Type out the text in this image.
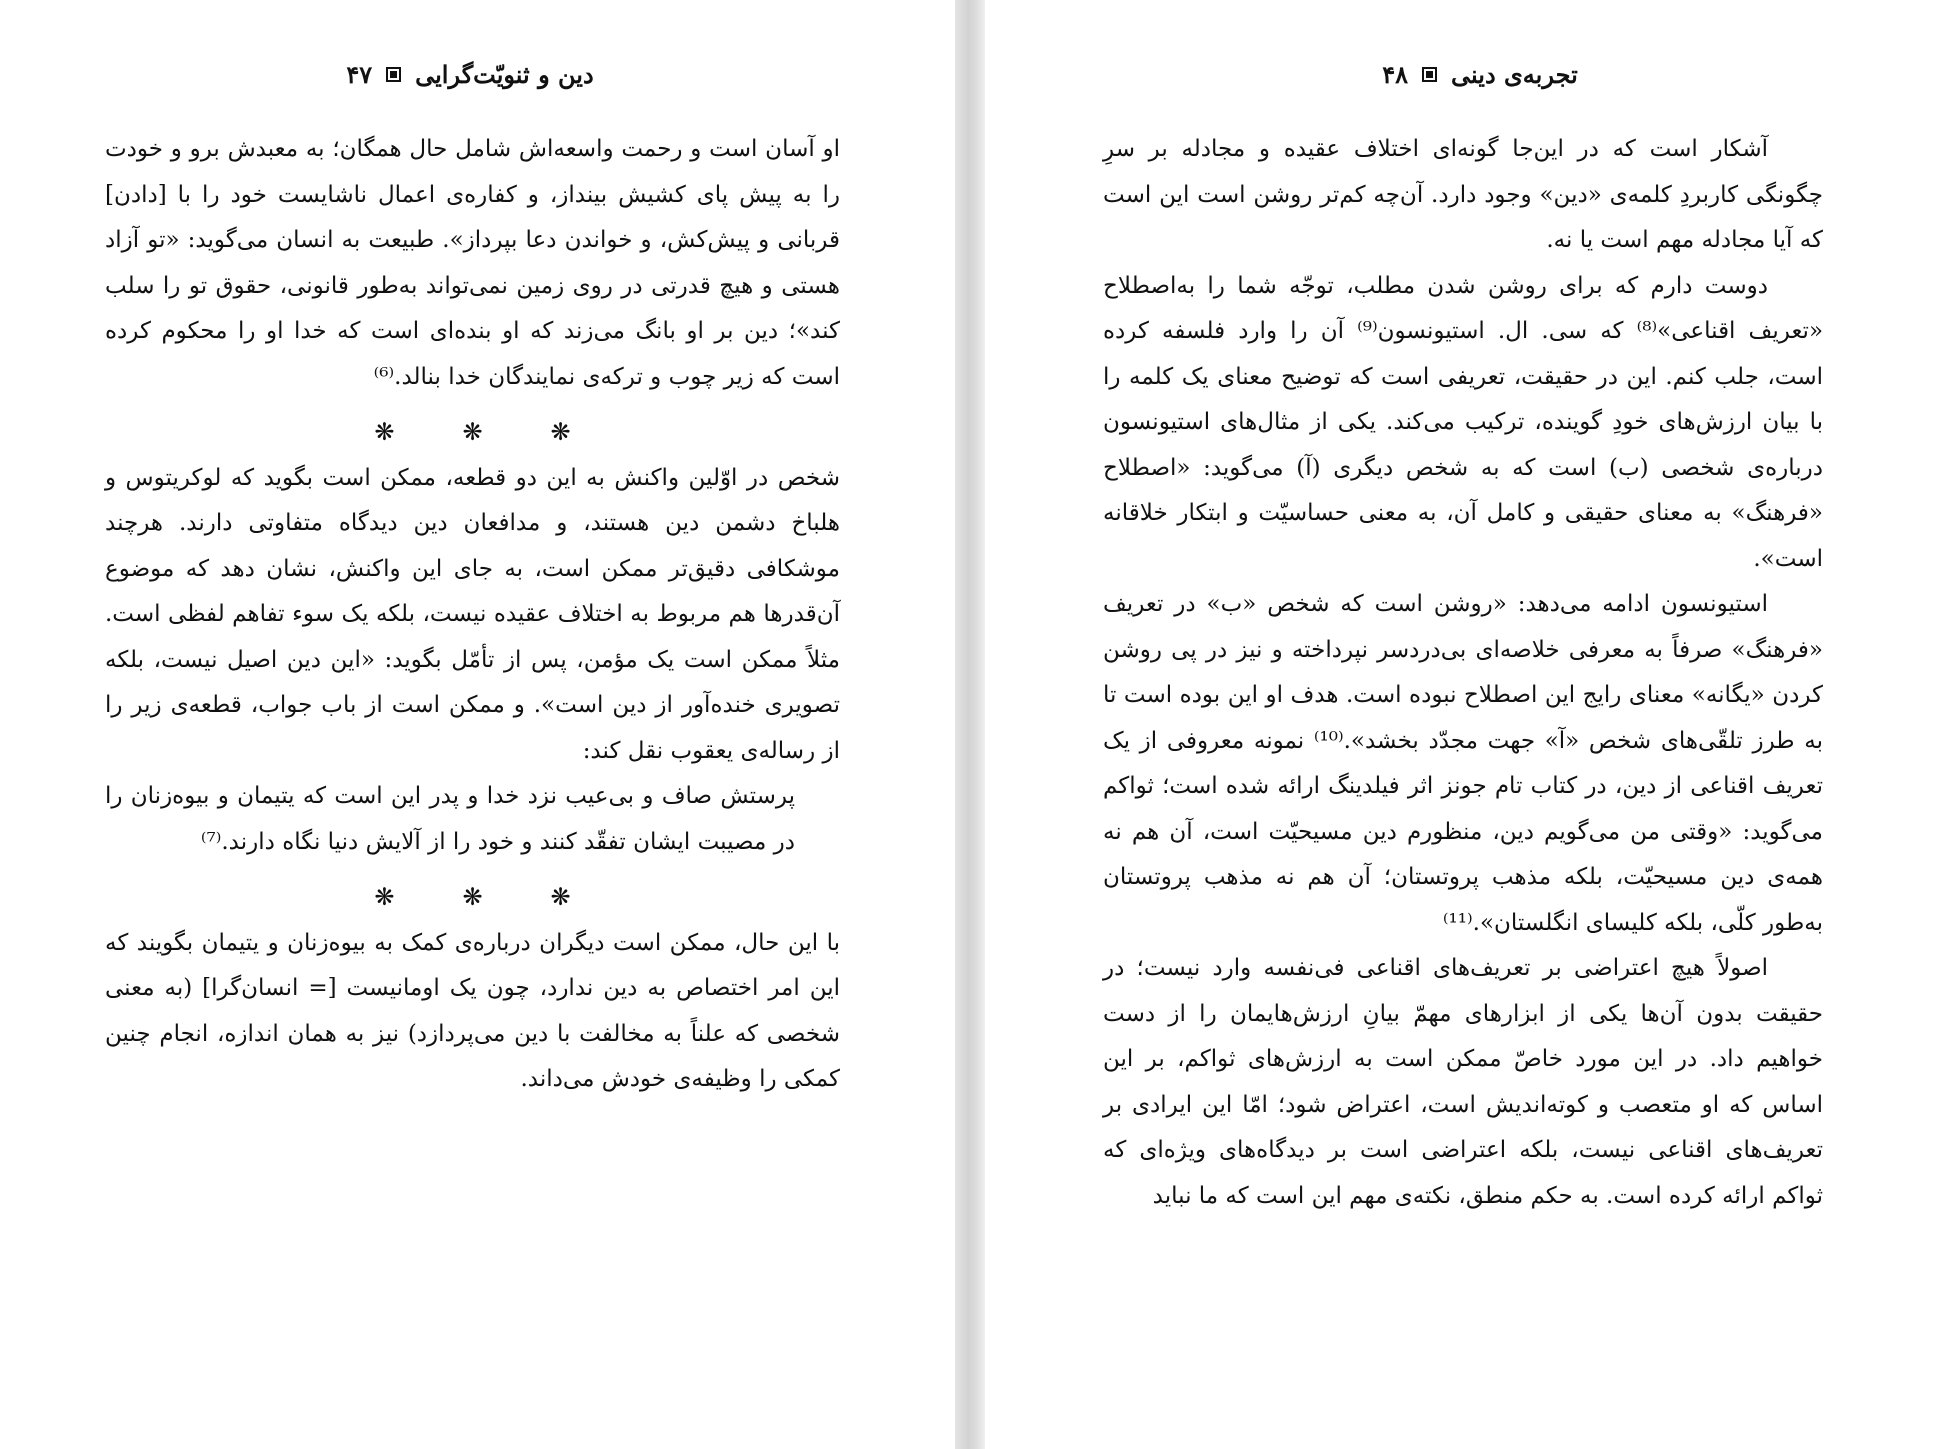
دین و ثنویّت‌گرایی
۴۷

او آسان است و رحمت واسعه‌اش شامل حال همگان؛ به معبدش برو و خودت را به پیش پای کشیش بینداز، و کفاره‌ی اعمال ناشایست خود را با [دادن] قربانی و پیش‌کش، و خواندن دعا بپرداز». طبیعت به انسان می‌گوید: «تو آزاد هستی و هیچ قدرتی در روی زمین نمی‌تواند به‌طور قانونی، حقوق تو را سلب کند»؛ دین بر او بانگ می‌زند که او بنده‌ای است که خدا او را محکوم کرده است که زیر چوب و ترکه‌ی نمایندگان خدا بنالد.⁽⁶⁾

❋	❋	❋

شخص در اوّلین واکنش به این دو قطعه، ممکن است بگوید که لوکریتوس و هلباخ دشمن دین هستند، و مدافعان دین دیدگاه متفاوتی دارند. هرچند موشکافی دقیق‌تر ممکن است، به جای این واکنش، نشان دهد که موضوع آن‌قدرها هم مربوط به اختلاف عقیده نیست، بلکه یک سوء تفاهم لفظی است. مثلاً ممکن است یک مؤمن، پس از تأمّل بگوید: «این دین اصیل نیست، بلکه تصویری خنده‌آور از دین است». و ممکن است از باب جواب، قطعه‌ی زیر را از رساله‌ی یعقوب نقل کند:

پرستش صاف و بی‌عیب نزد خدا و پدر این است که یتیمان و بیوه‌زنان را در مصیبت ایشان تفقّد کنند و خود را از آلایش دنیا نگاه دارند.⁽⁷⁾

❋	❋	❋

با این حال، ممکن است دیگران درباره‌ی کمک به بیوه‌زنان و یتیمان بگویند که این امر اختصاص به دین ندارد، چون یک اومانیست [= انسان‌گرا] (به معنی شخصی که علناً به مخالفت با دین می‌پردازد) نیز به همان اندازه، انجام چنین کمکی را وظیفه‌ی خودش می‌داند.

تجربه‌ی دینی
۴۸

آشکار است که در این‌جا گونه‌ای اختلاف عقیده و مجادله بر سرِ چگونگی کاربردِ کلمه‌ی «دین» وجود دارد. آن‌چه کم‌تر روشن است این است که آیا مجادله مهم است یا نه.

دوست دارم که برای روشن شدن مطلب، توجّه شما را به‌اصطلاح «تعریف اقناعی»⁽⁸⁾ که سی. ال. استیونسون⁽⁹⁾ آن را وارد فلسفه کرده است، جلب کنم. این در حقیقت، تعریفی است که توضیح معنای یک کلمه را با بیان ارزش‌های خودِ گوینده، ترکیب می‌کند. یکی از مثال‌های استیونسون درباره‌ی شخصی (ب) است که به شخص دیگری (آ) می‌گوید: «اصطلاح «فرهنگ» به معنای حقیقی و کامل آن، به معنی حساسیّت و ابتکار خلاقانه است».

استیونسون ادامه می‌دهد: «روشن است که شخص «ب» در تعریف «فرهنگ» صرفاً به معرفی خلاصه‌ای بی‌دردسر نپرداخته و نیز در پی روشن کردن «یگانه» معنای رایج این اصطلاح نبوده است. هدف او این بوده است تا به طرز تلقّی‌های شخص «آ» جهت مجدّد بخشد».⁽¹⁰⁾ نمونه معروفی از یک تعریف اقناعی از دین، در کتاب تام جونز اثر فیلدینگ ارائه شده است؛ ثواکم می‌گوید: «وقتی من می‌گویم دین، منظورم دین مسیحیّت است، آن هم نه همه‌ی دین مسیحیّت، بلکه مذهب پروتستان؛ آن هم نه مذهب پروتستان به‌طور کلّی، بلکه کلیسای انگلستان».⁽¹¹⁾

اصولاً هیچ اعتراضی بر تعریف‌های اقناعی فی‌نفسه وارد نیست؛ در حقیقت بدون آن‌ها یکی از ابزارهای مهمّ بیانِ ارزش‌هایمان را از دست خواهیم داد. در این مورد خاصّ ممکن است به ارزش‌های ثواکم، بر این اساس که او متعصب و کوته‌اندیش است، اعتراض شود؛ امّا این ایرادی بر تعریف‌های اقناعی نیست، بلکه اعتراضی است بر دیدگاه‌های ویژه‌ای که ثواکم ارائه کرده است. به حکم منطق، نکته‌ی مهم این است که ما نباید
